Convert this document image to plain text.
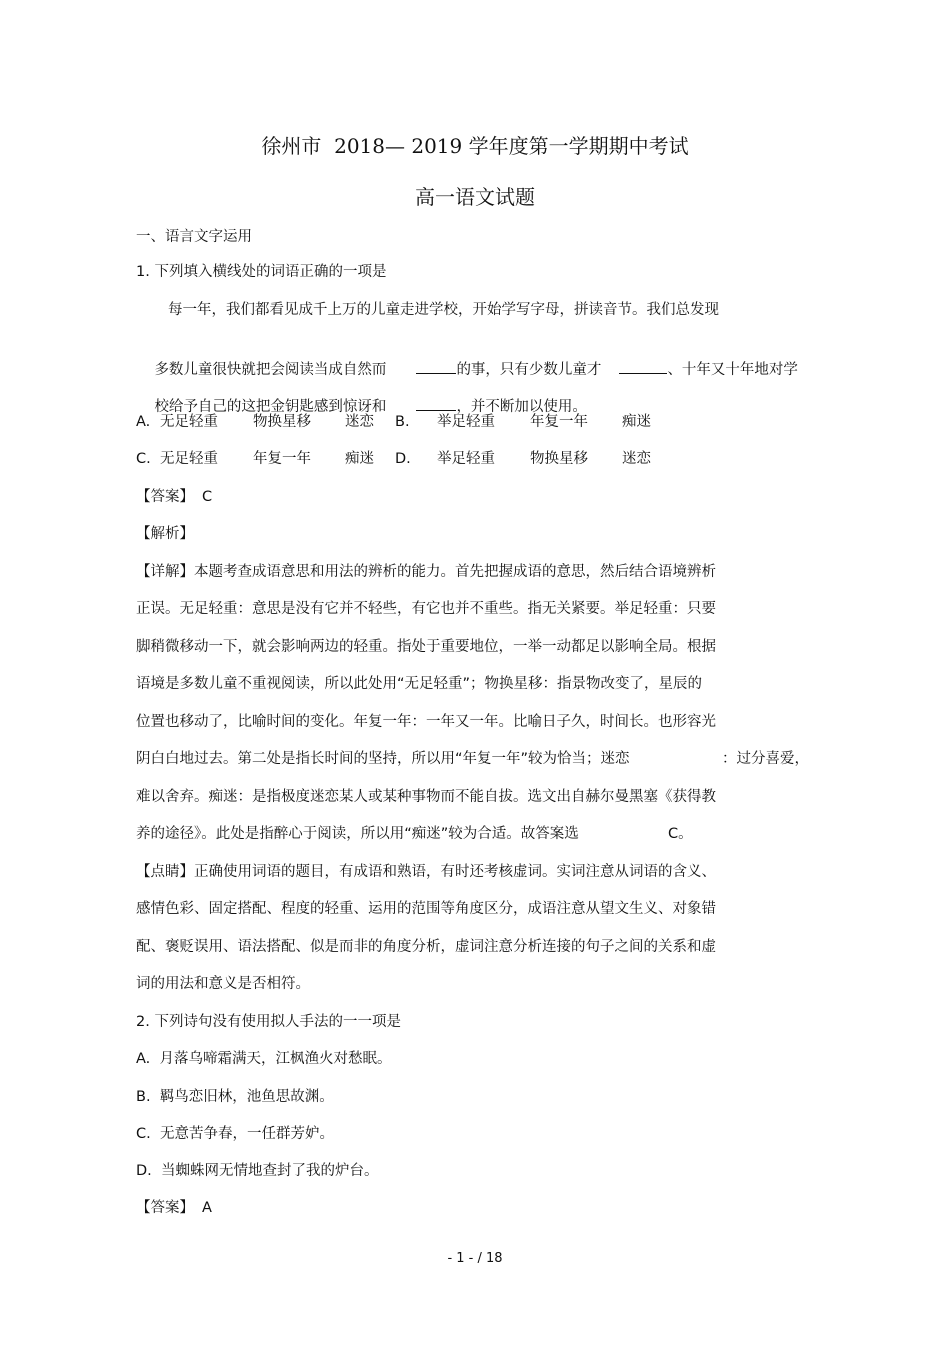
徐州市  2018— 2019 学年度第一学期期中考试
高一语文试题
一、语言文字运用
1. 下列填入横线处的词语正确的一项是
每一年，我们都看见成千上万的儿童走进学校，开始学写字母，拼读音节。我们总发现

多数儿童很快就把会阅读当成自然而	的事，只有少数儿童才	、十年又十年地对学

校给予自己的这把金钥匙感到惊讶和	，并不断加以使用。

A. 无足轻重 物换星移 迷恋 B. 举足轻重 年复一年 痴迷
C. 无足轻重 年复一年 痴迷 D. 举足轻重 物换星移 迷恋
【答案】 C
【解析】
【详解】本题考查成语意思和用法的辨析的能力。首先把握成语的意思，然后结合语境辨析
正误。无足轻重：意思是没有它并不轻些，有它也并不重些。指无关紧要。举足轻重：只要
脚稍微移动一下，就会影响两边的轻重。指处于重要地位，一举一动都足以影响全局。根据
语境是多数儿童不重视阅读，所以此处用“无足轻重”；物换星移：指景物改变了，星辰的
位置也移动了，比喻时间的变化。年复一年：一年又一年。比喻日子久，时间长。也形容光
阴白白地过去。第二处是指长时间的坚持，所以用“年复一年”较为恰当；迷恋	：过分喜爱，
难以舍弃。痴迷：是指极度迷恋某人或某种事物而不能自拔。选文出自赫尔曼黑塞《获得教
养的途径》。此处是指醉心于阅读，所以用“痴迷”较为合适。故答案选	C。
【点睛】正确使用词语的题目，有成语和熟语，有时还考核虚词。实词注意从词语的含义、
感情色彩、固定搭配、程度的轻重、运用的范围等角度区分，成语注意从望文生义、对象错
配、褒贬误用、语法搭配、似是而非的角度分析，虚词注意分析连接的句子之间的关系和虚
词的用法和意义是否相符。
2. 下列诗句没有使用拟人手法的一一项是
A.  月落乌啼霜满天，江枫渔火对愁眠。
B.  羁鸟恋旧林，池鱼思故渊。
C.  无意苦争春，一任群芳妒。
D.  当蜘蛛网无情地查封了我的炉台。
【答案】 A
- 1 - / 18
